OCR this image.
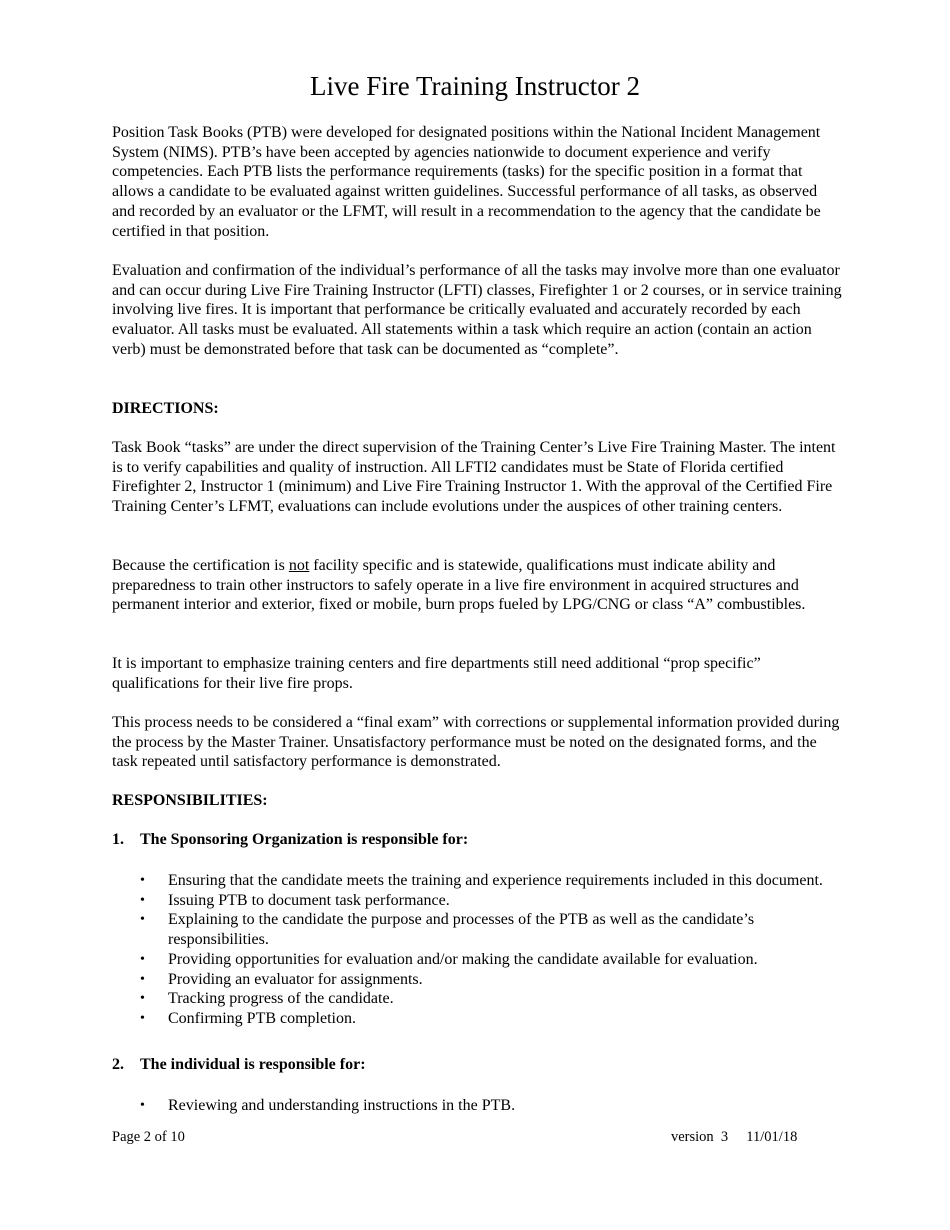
Live Fire Training Instructor 2

Position Task Books (PTB) were developed for designated positions within the National Incident Management System (NIMS). PTB’s have been accepted by agencies nationwide to document experience and verify competencies. Each PTB lists the performance requirements (tasks) for the specific position in a format that allows a candidate to be evaluated against written guidelines. Successful performance of all tasks, as observed and recorded by an evaluator or the LFMT, will result in a recommendation to the agency that the candidate be certified in that position.

Evaluation and confirmation of the individual’s performance of all the tasks may involve more than one evaluator and can occur during Live Fire Training Instructor (LFTI) classes, Firefighter 1 or 2 courses, or in service training involving live fires. It is important that performance be critically evaluated and accurately recorded by each evaluator. All tasks must be evaluated. All statements within a task which require an action (contain an action verb) must be demonstrated before that task can be documented as “complete”.

DIRECTIONS:

Task Book “tasks” are under the direct supervision of the Training Center’s Live Fire Training Master. The intent is to verify capabilities and quality of instruction. All LFTI2 candidates must be State of Florida certified Firefighter 2, Instructor 1 (minimum) and Live Fire Training Instructor 1. With the approval of the Certified Fire Training Center’s LFMT, evaluations can include evolutions under the auspices of other training centers.

Because the certification is not facility specific and is statewide, qualifications must indicate ability and preparedness to train other instructors to safely operate in a live fire environment in acquired structures and permanent interior and exterior, fixed or mobile, burn props fueled by LPG/CNG or class “A” combustibles.

It is important to emphasize training centers and fire departments still need additional “prop specific” qualifications for their live fire props.

This process needs to be considered a “final exam” with corrections or supplemental information provided during the process by the Master Trainer. Unsatisfactory performance must be noted on the designated forms, and the task repeated until satisfactory performance is demonstrated.

RESPONSIBILITIES:
1. The Sponsoring Organization is responsible for:
• Ensuring that the candidate meets the training and experience requirements included in this document.
• Issuing PTB to document task performance.
• Explaining to the candidate the purpose and processes of the PTB as well as the candidate’s responsibilities.
• Providing opportunities for evaluation and/or making the candidate available for evaluation.
• Providing an evaluator for assignments.
• Tracking progress of the candidate.
• Confirming PTB completion.
2. The individual is responsible for:
• Reviewing and understanding instructions in the PTB.
Page 2 of 10	version  3     11/01/18
